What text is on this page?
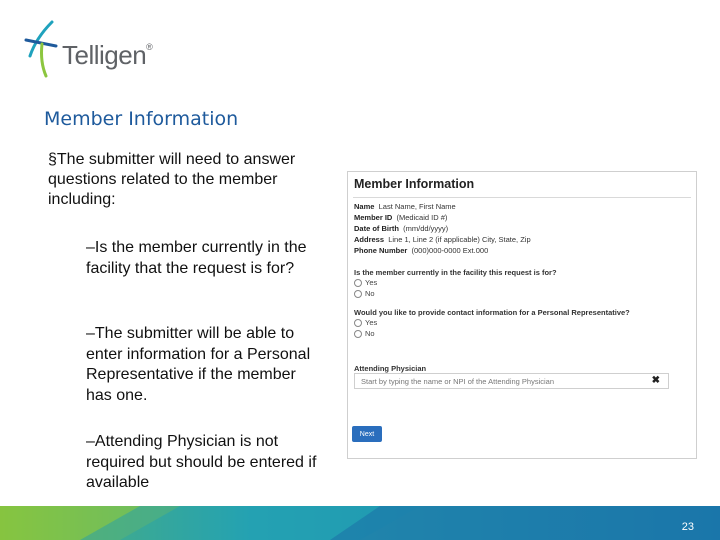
Telligen®
Member Information
§The submitter will need to answer questions related to the member including:
–Is the member currently in the facility that the request is for?
–The submitter will be able to enter information for a Personal Representative if the member has one.
–Attending Physician is not required but should be entered if available
Member Information
Name Last Name, First Name
Member ID (Medicaid ID #)
Date of Birth (mm/dd/yyyy)
Address Line 1, Line 2 (if applicable) City, State, Zip
Phone Number (000)000-0000 Ext.000
Is the member currently in the facility this request is for?
Yes
No
Would you like to provide contact information for a Personal Representative?
Yes
No
Attending Physician
Start by typing the name or NPI of the Attending Physician	✖
Next
23
